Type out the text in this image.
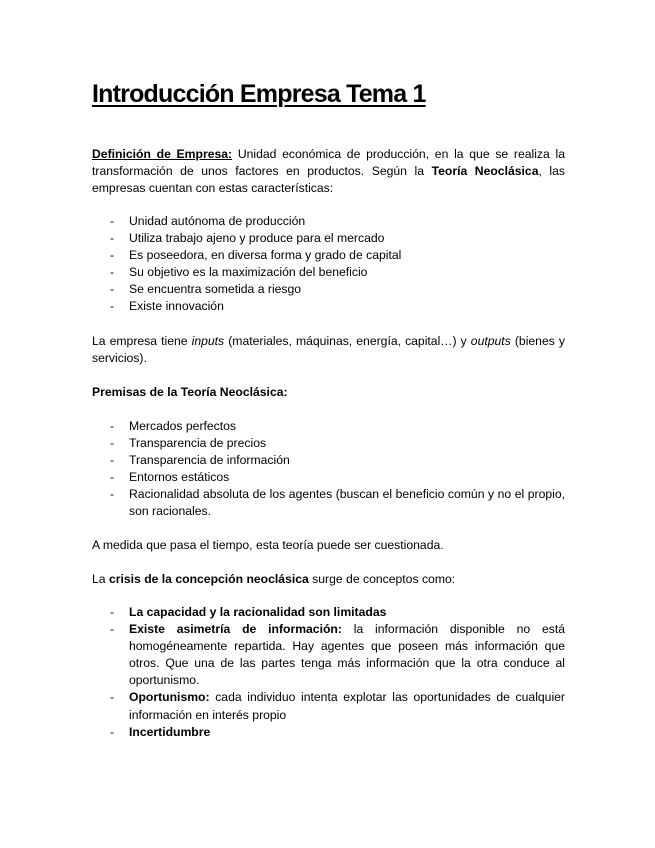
Introducción Empresa Tema 1

Definición de Empresa: Unidad económica de producción, en la que se realiza la transformación de unos factores en productos. Según la Teoría Neoclásica, las empresas cuentan con estas características:

- Unidad autónoma de producción
- Utiliza trabajo ajeno y produce para el mercado
- Es poseedora, en diversa forma y grado de capital
- Su objetivo es la maximización del beneficio
- Se encuentra sometida a riesgo
- Existe innovación

La empresa tiene inputs (materiales, máquinas, energía, capital…) y outputs (bienes y servicios).

Premisas de la Teoría Neoclásica:

- Mercados perfectos
- Transparencia de precios
- Transparencia de información
- Entornos estáticos
- Racionalidad absoluta de los agentes (buscan el beneficio común y no el propio, son racionales.

A medida que pasa el tiempo, esta teoría puede ser cuestionada.

La crisis de la concepción neoclásica surge de conceptos como:

- La capacidad y la racionalidad son limitadas
- Existe asimetría de información: la información disponible no está homogéneamente repartida. Hay agentes que poseen más información que otros. Que una de las partes tenga más información que la otra conduce al oportunismo.
- Oportunismo: cada individuo intenta explotar las oportunidades de cualquier información en interés propio
- Incertidumbre
